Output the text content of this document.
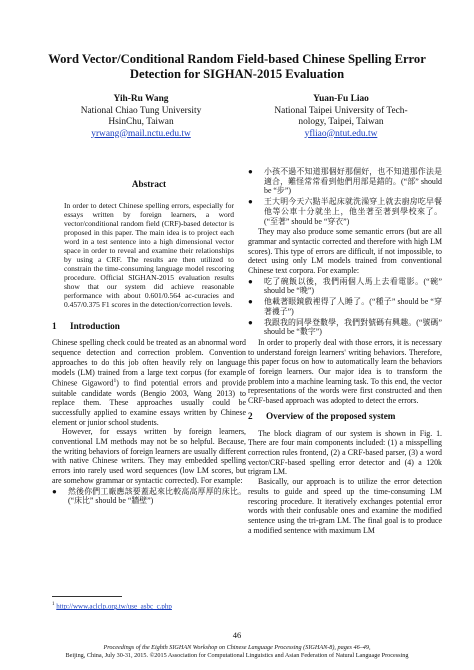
Word Vector/Conditional Random Field-based Chinese Spelling Error
Detection for SIGHAN-2015 Evaluation
Yih-Ru Wang
National Chiao Tung University
HsinChu, Taiwan
yrwang@mail.nctu.edu.tw
Yuan-Fu Liao
National Taipei University of Tech-
nology, Taipei, Taiwan
yfliao@ntut.edu.tw
Abstract

In order to detect Chinese spelling errors, especially for essays written by foreign learners, a word vector/conditional random field (CRF)-based detector is proposed in this paper. The main idea is to project each word in a test sentence into a high dimensional vector space in order to reveal and examine their relationships by using a CRF. The results are then utilized to constrain the time-consuming language model rescoring procedure. Official SIGHAN-2015 evaluation results show that our system did achieve reasonable performance with about 0.601/0.564 ac-curacies and 0.457/0.375 F1 scores in the detection/correction levels.

1 Introduction

Chinese spelling check could be treated as an abnormal word sequence detection and correction problem. Convention approaches to do this job often heavily rely on language models (LM) trained from a large text corpus (for example Chinese Gigaword$^1$) to find potential errors and provide suitable candidate words (Bengio 2003, Wang 2013) to replace them. These approaches usually could be successfully applied to examine essays written by Chinese element or junior school students.

However, for essays written by foreign learners, conventional LM methods may not be so helpful. Because, the writing behaviors of foreign learners are usually different with native Chinese writers. They may embedded spelling errors into rarely used word sequences (low LM scores, but are somehow grammar or syntactic corrected). For example:

●	然後你們工廠應該要蓋起來比較高高厚厚的床比。(“床比” should be “牆壁”)
●	小孩不過不知道那個好那個好，也不知道那作法是適合，難怪常常看到他們用部是錯的。(“部” should be “步”)
●	王大明今天六點半起床就洗澡穿上就去廚房吃早餐他等公車十分就坐上，他坐著至著到學校來了。(“至著” should be “穿衣”)

They may also produce some semantic errors (but are all grammar and syntactic corrected and therefore with high LM scores). This type of errors are difficult, if not impossible, to detect using only LM models trained from conventional Chinese text corpora. For example:

●	吃了碗飯以後，我們兩個人馬上去看電影。(“碗” should be “晚”)
●	他載著眼鏡戲裡得了人睡了。(“種子” should be “穿著襪子”)
●	我跟我的同學登數學，我們對號碼有興趣。(“號碼” should be “數字”)

In order to properly deal with those errors, it is necessary to understand foreign learners' writing behaviors. Therefore, this paper focus on how to automatically learn the behaviors of foreign learners. Our major idea is to transform the problem into a machine learning task. To this end, the vector representations of the words were first constructed and then CRF-based approach was adopted to detect the errors.

2 Overview of the proposed system

The block diagram of our system is shown in Fig. 1. There are four main components included: (1) a misspelling correction rules frontend, (2) a CRF-based parser, (3) a word vector/CRF-based spelling error detector and (4) a 120k trigram LM.

Basically, our approach is to utilize the error detection results to guide and speed up the time-consuming LM rescoring procedure. It iteratively exchanges potential error words with their confusable ones and examine the modified sentence using the tri-gram LM. The final goal is to produce a modified sentence with maximum LM

$^1$ http://www.aclclp.org.tw/use_asbc_c.php
46
Proceedings of the Eighth SIGHAN Workshop on Chinese Language Processing (SIGHAN-8), pages 46–49,
Beijing, China, July 30-31, 2015. ©2015 Association for Computational Linguistics and Asian Federation of Natural Language Processing
